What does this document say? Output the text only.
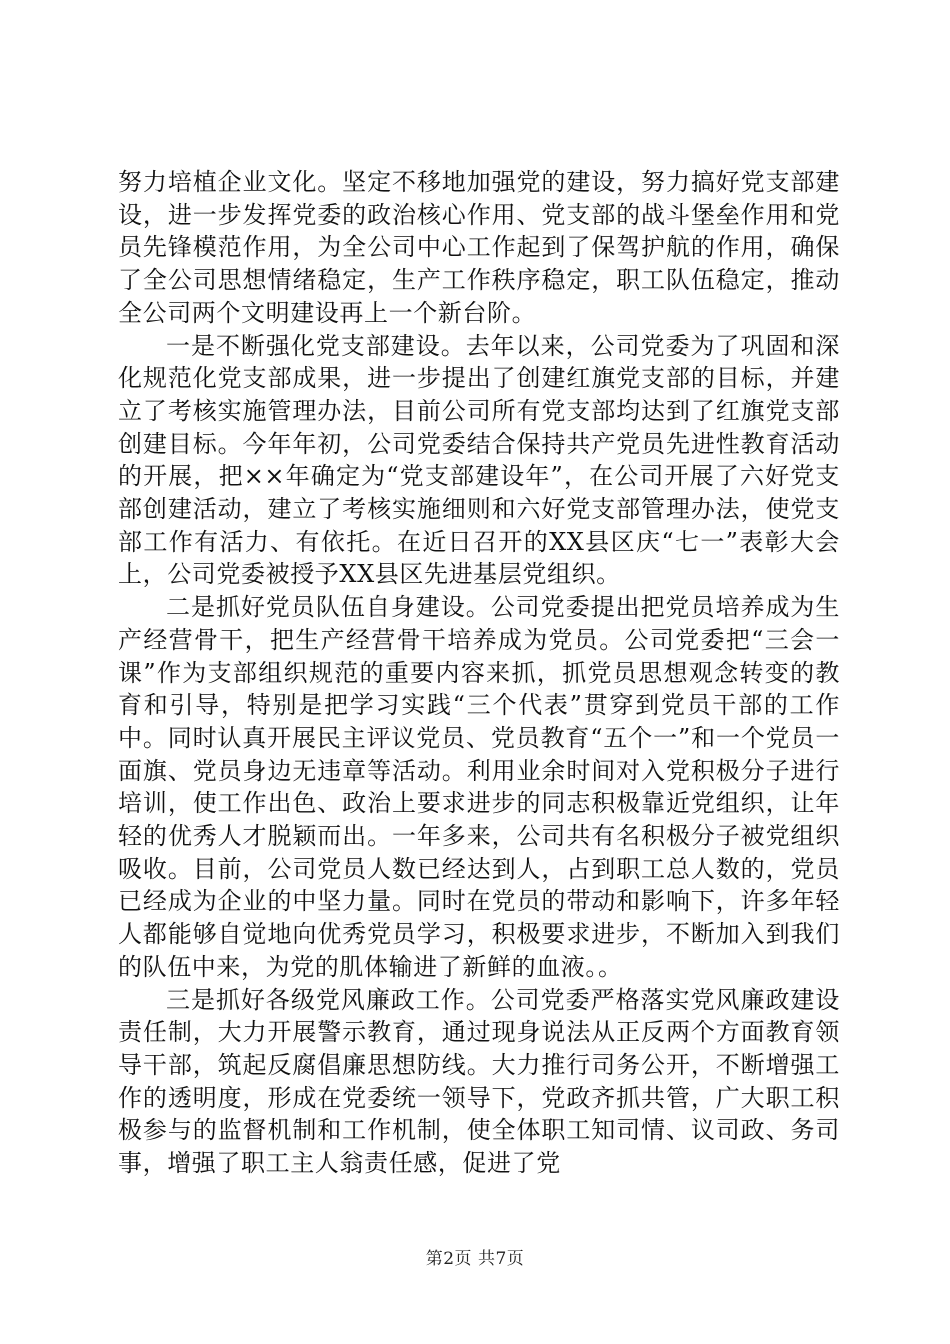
努力培植企业文化。坚定不移地加强党的建设，努力搞好党支部建设，进一步发挥党委的政治核心作用、党支部的战斗堡垒作用和党员先锋模范作用，为全公司中心工作起到了保驾护航的作用，确保了全公司思想情绪稳定，生产工作秩序稳定，职工队伍稳定，推动全公司两个文明建设再上一个新台阶。

一是不断强化党支部建设。去年以来，公司党委为了巩固和深化规范化党支部成果，进一步提出了创建红旗党支部的目标，并建立了考核实施管理办法，目前公司所有党支部均达到了红旗党支部创建目标。今年年初，公司党委结合保持共产党员先进性教育活动的开展，把××年确定为“党支部建设年”，在公司开展了六好党支部创建活动，建立了考核实施细则和六好党支部管理办法，使党支部工作有活力、有依托。在近日召开的XX县区庆“七一”表彰大会上，公司党委被授予XX县区先进基层党组织。

二是抓好党员队伍自身建设。公司党委提出把党员培养成为生产经营骨干，把生产经营骨干培养成为党员。公司党委把“三会一课”作为支部组织规范的重要内容来抓，抓党员思想观念转变的教育和引导，特别是把学习实践“三个代表”贯穿到党员干部的工作中。同时认真开展民主评议党员、党员教育“五个一”和一个党员一面旗、党员身边无违章等活动。利用业余时间对入党积极分子进行培训，使工作出色、政治上要求进步的同志积极靠近党组织，让年轻的优秀人才脱颖而出。一年多来，公司共有名积极分子被党组织吸收。目前，公司党员人数已经达到人，占到职工总人数的，党员已经成为企业的中坚力量。同时在党员的带动和影响下，许多年轻人都能够自觉地向优秀党员学习，积极要求进步，不断加入到我们的队伍中来，为党的肌体输进了新鲜的血液。。

三是抓好各级党风廉政工作。公司党委严格落实党风廉政建设责任制，大力开展警示教育，通过现身说法从正反两个方面教育领导干部，筑起反腐倡廉思想防线。大力推行司务公开，不断增强工作的透明度，形成在党委统一领导下，党政齐抓共管，广大职工积极参与的监督机制和工作机制，使全体职工知司情、议司政、务司事，增强了职工主人翁责任感，促进了党

第2页 共7页
